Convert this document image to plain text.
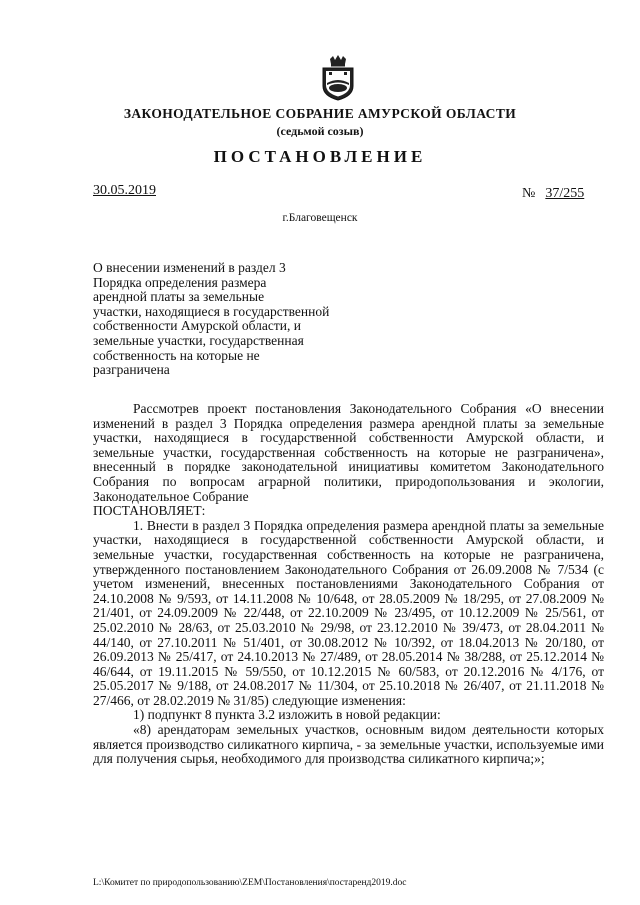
ЗАКОНОДАТЕЛЬНОЕ СОБРАНИЕ АМУРСКОЙ ОБЛАСТИ
(седьмой созыв)
ПОСТАНОВЛЕНИЕ
30.05.2019	№ 37/255
г.Благовещенск
О внесении изменений в раздел 3
Порядка определения размера
арендной платы за земельные
участки, находящиеся в государственной
собственности Амурской области, и
земельные участки, государственная
собственность на которые не
разграничена

Рассмотрев проект постановления Законодательного Собрания «О внесении изменений в раздел 3 Порядка определения размера арендной платы за земельные участки, находящиеся в государственной собственности Амурской области, и земельные участки, государственная собственность на которые не разграничена», внесенный в порядке законодательной инициативы комитетом Законодательного Собрания по вопросам аграрной политики, природопользования и экологии, Законодательное Собрание

ПОСТАНОВЛЯЕТ:

1. Внести в раздел 3 Порядка определения размера арендной платы за земельные участки, находящиеся в государственной собственности Амурской области, и земельные участки, государственная собственность на которые не разграничена, утвержденного постановлением Законодательного Собрания от 26.09.2008 № 7/534 (с учетом изменений, внесенных постановлениями Законодательного Собрания от 24.10.2008 № 9/593, от 14.11.2008 № 10/648, от 28.05.2009 № 18/295, от 27.08.2009 № 21/401, от 24.09.2009 № 22/448, от 22.10.2009 № 23/495, от 10.12.2009 № 25/561, от 25.02.2010 № 28/63, от 25.03.2010 № 29/98, от 23.12.2010 № 39/473, от 28.04.2011 № 44/140, от 27.10.2011 № 51/401, от 30.08.2012 № 10/392, от 18.04.2013 № 20/180, от 26.09.2013 № 25/417, от 24.10.2013 № 27/489, от 28.05.2014 № 38/288, от 25.12.2014 № 46/644, от 19.11.2015 № 59/550, от 10.12.2015 № 60/583, от 20.12.2016 № 4/176, от 25.05.2017 № 9/188, от 24.08.2017 № 11/304, от 25.10.2018 № 26/407, от 21.11.2018 № 27/466, от 28.02.2019 № 31/85) следующие изменения:

1) подпункт 8 пункта 3.2 изложить в новой редакции:

«8) арендаторам земельных участков, основным видом деятельности которых является производство силикатного кирпича, - за земельные участки, используемые ими для получения сырья, необходимого для производства силикатного кирпича;»;

L:\Комитет по природопользованию\ZEM\Постановления\постаренд2019.doc
